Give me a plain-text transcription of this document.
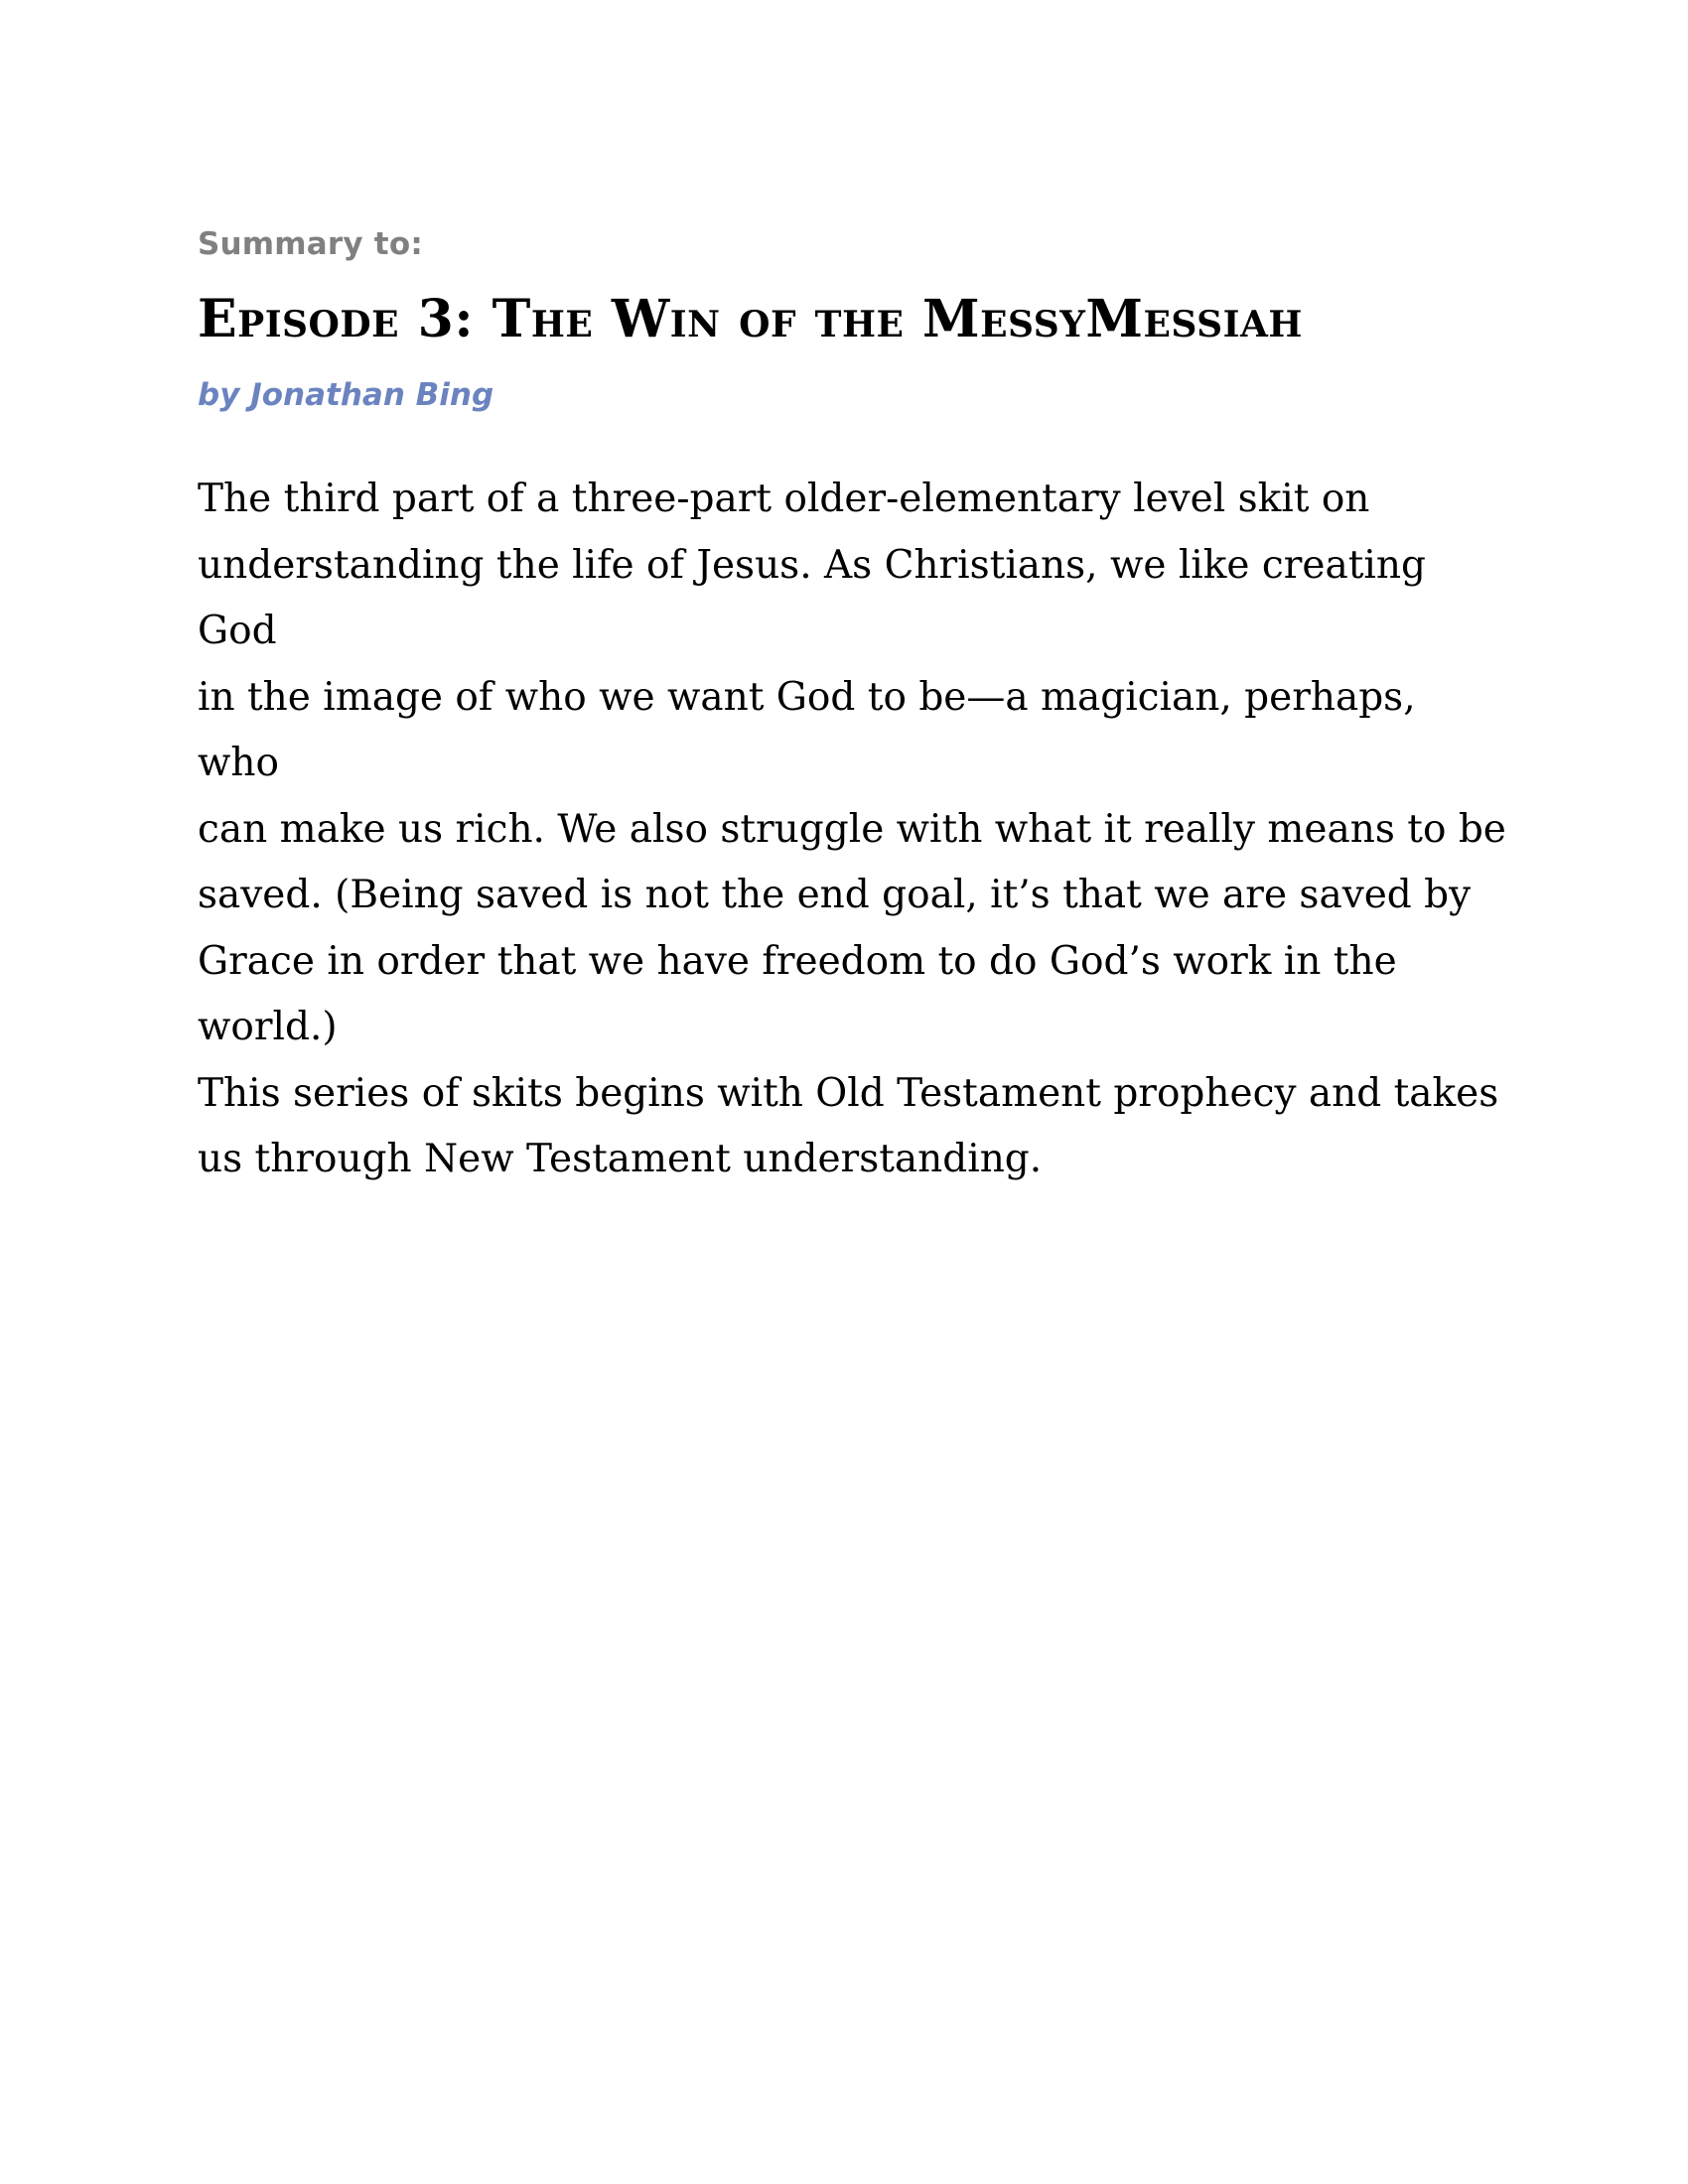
Summary to:

Episode 3: The Win of the MessyMessiah

by Jonathan Bing

The third part of a three-part older-elementary level skit on
understanding the life of Jesus. As Christians, we like creating God
in the image of who we want God to be—a magician, perhaps, who
can make us rich. We also struggle with what it really means to be
saved. (Being saved is not the end goal, it’s that we are saved by
Grace in order that we have freedom to do God’s work in the world.)
This series of skits begins with Old Testament prophecy and takes
us through New Testament understanding.
